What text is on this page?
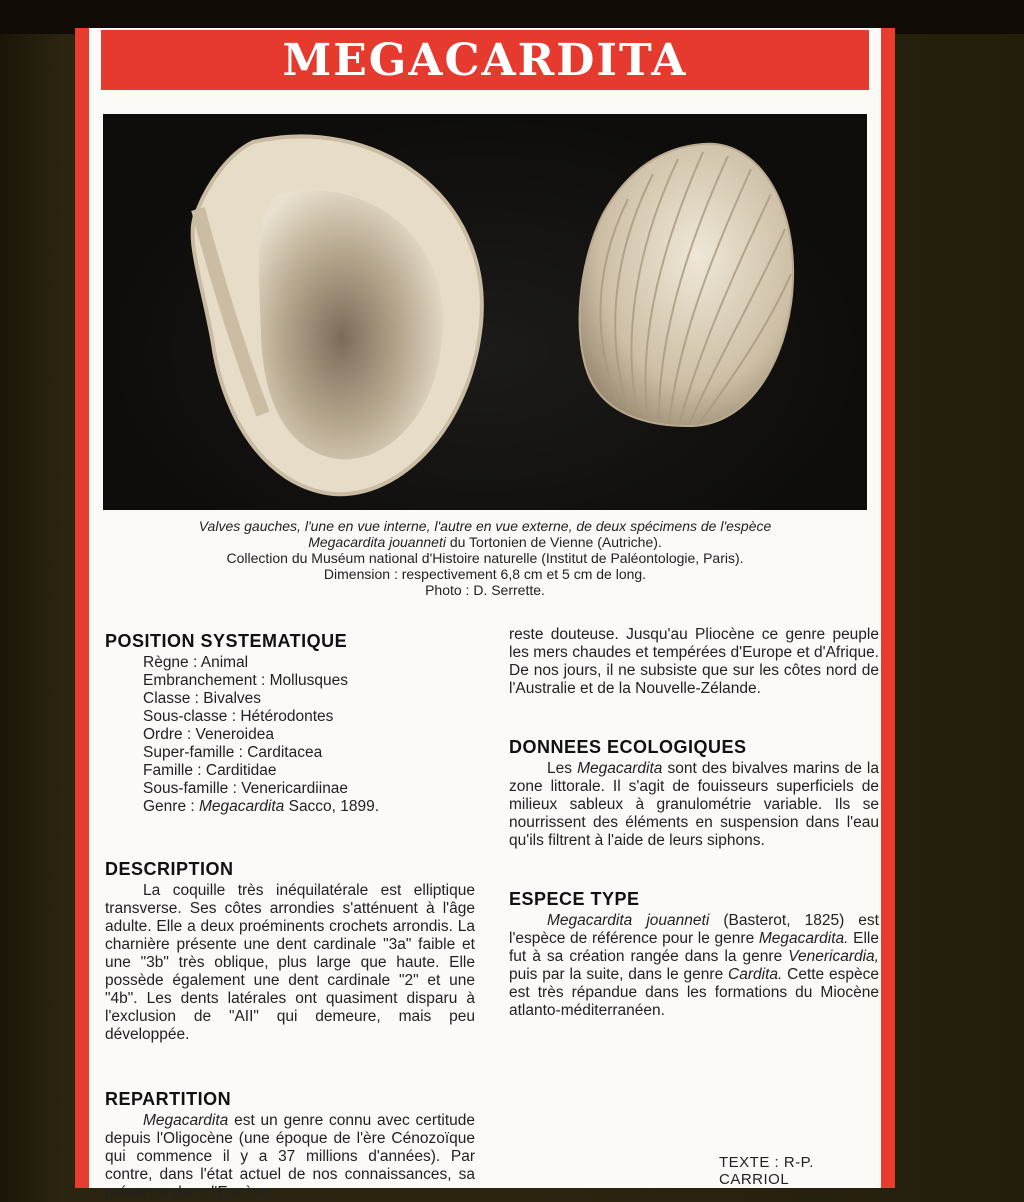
MEGACARDITA
Valves gauches, l'une en vue interne, l'autre en vue externe, de deux spécimens de l'espèce
Megacardita jouanneti du Tortonien de Vienne (Autriche).
Collection du Muséum national d'Histoire naturelle (Institut de Paléontologie, Paris).
Dimension : respectivement 6,8 cm et 5 cm de long.
Photo : D. Serrette.
POSITION SYSTEMATIQUE
Règne : Animal
Embranchement : Mollusques
Classe : Bivalves
Sous-classe : Hétérodontes
Ordre : Veneroidea
Super-famille : Carditacea
Famille : Carditidae
Sous-famille : Venericardiinae
Genre : Megacardita Sacco, 1899.
DESCRIPTION
La coquille très inéquilatérale est elliptique transverse. Ses côtes arrondies s'atténuent à l'âge adulte. Elle a deux proéminents crochets arrondis. La charnière présente une dent cardinale "3a" faible et une "3b" très oblique, plus large que haute. Elle possède également une dent cardinale "2" et une "4b". Les dents latérales ont quasiment disparu à l'exclusion de "AII" qui demeure, mais peu développée.
REPARTITION
Megacardita est un genre connu avec certitude depuis l'Oligocène (une époque de l'ère Cénozoïque qui commence il y a 37 millions d'années). Par contre, dans l'état actuel de nos connaissances, sa présence dans l'Eocène
reste douteuse. Jusqu'au Pliocène ce genre peuple les mers chaudes et tempérées d'Europe et d'Afrique. De nos jours, il ne subsiste que sur les côtes nord de l'Australie et de la Nouvelle-Zélande.
DONNEES ECOLOGIQUES
Les Megacardita sont des bivalves marins de la zone littorale. Il s'agit de fouisseurs superficiels de milieux sableux à granulométrie variable. Ils se nourrissent des éléments en suspension dans l'eau qu'ils filtrent à l'aide de leurs siphons.
ESPECE TYPE
Megacardita jouanneti (Basterot, 1825) est l'espèce de référence pour le genre Megacardita. Elle fut à sa création rangée dans la genre Venericardia, puis par la suite, dans le genre Cardita. Cette espèce est très répandue dans les formations du Miocène atlanto-méditerranéen.
TEXTE : R-P. CARRIOL
